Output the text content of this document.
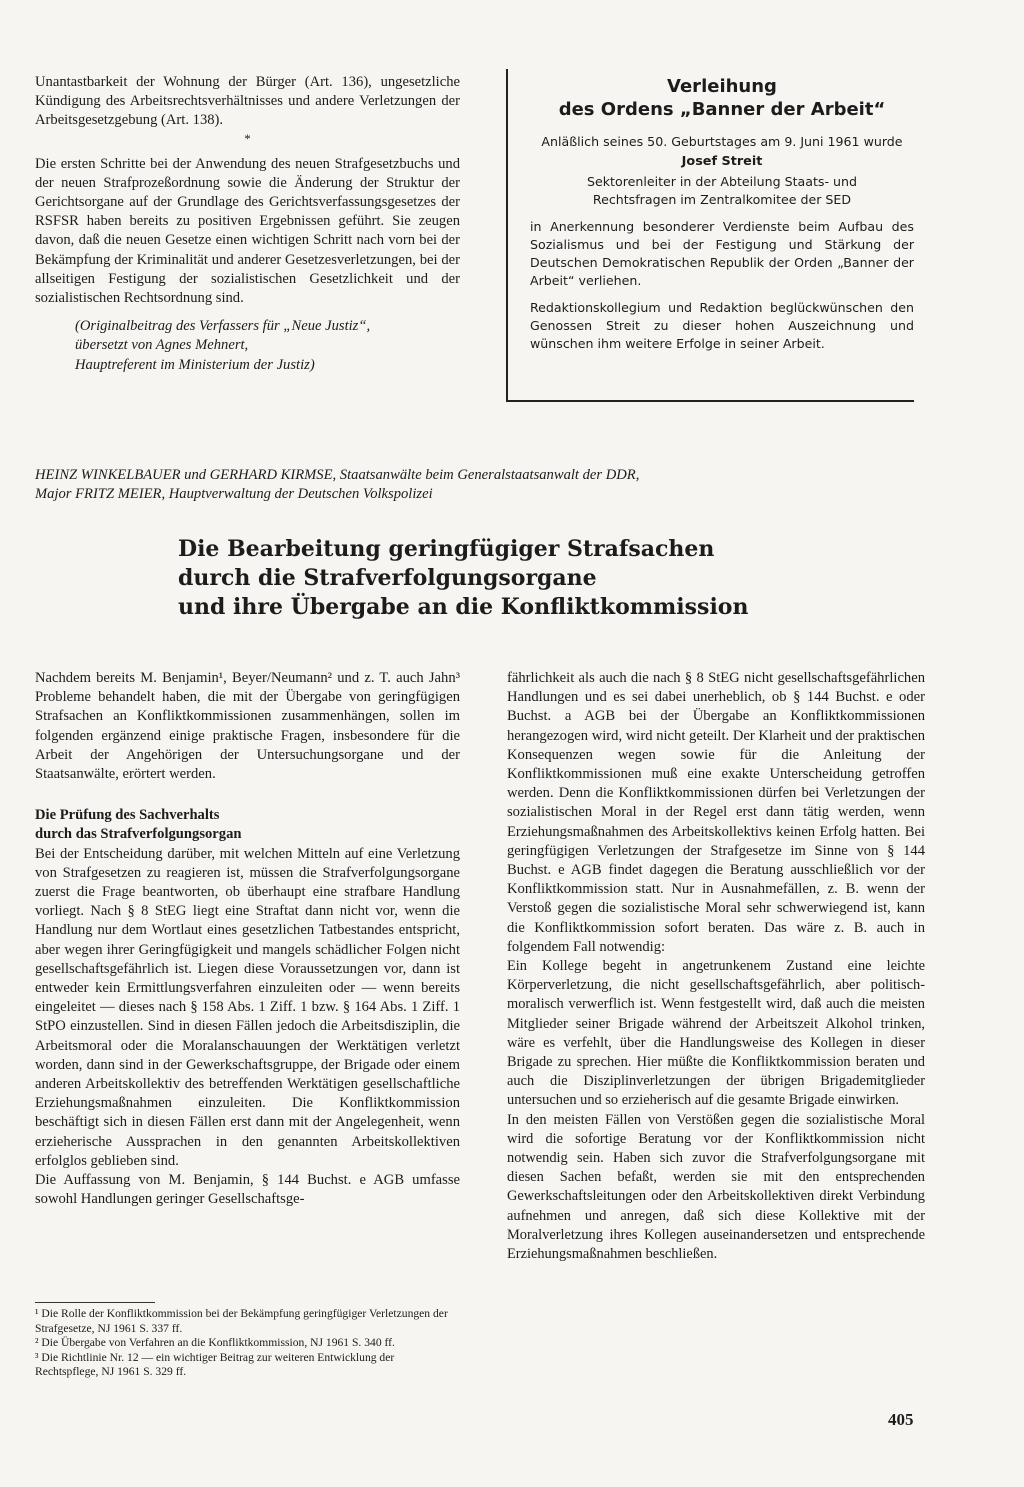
Unantastbarkeit der Wohnung der Bürger (Art. 136), ungesetzliche Kündigung des Arbeitsrechtsverhältnisses und andere Verletzungen der Arbeitsgesetzgebung (Art. 138).

*

Die ersten Schritte bei der Anwendung des neuen Strafgesetzbuchs und der neuen Strafprozeßordnung sowie die Änderung der Struktur der Gerichtsorgane auf der Grundlage des Gerichtsverfassungsgesetzes der RSFSR haben bereits zu positiven Ergebnissen geführt. Sie zeugen davon, daß die neuen Gesetze einen wichtigen Schritt nach vorn bei der Bekämpfung der Kriminalität und anderer Gesetzesverletzungen, bei der allseitigen Festigung der sozialistischen Gesetzlichkeit und der sozialistischen Rechtsordnung sind.

(Originalbeitrag des Verfassers für „Neue Justiz“,
übersetzt von Agnes Mehnert,
Hauptreferent im Ministerium der Justiz)
Verleihung
des Ordens „Banner der Arbeit“
Anläßlich seines 50. Geburtstages am 9. Juni 1961 wurde
Josef Streit
Sektorenleiter in der Abteilung Staats- und
Rechtsfragen im Zentralkomitee der SED
in Anerkennung besonderer Verdienste beim Aufbau des Sozialismus und bei der Festigung und Stärkung der Deutschen Demokratischen Republik der Orden „Banner der Arbeit“ verliehen.
Redaktionskollegium und Redaktion beglückwünschen den Genossen Streit zu dieser hohen Auszeichnung und wünschen ihm weitere Erfolge in seiner Arbeit.
HEINZ WINKELBAUER und GERHARD KIRMSE, Staatsanwälte beim Generalstaatsanwalt der DDR,
Major FRITZ MEIER, Hauptverwaltung der Deutschen Volkspolizei
Die Bearbeitung geringfügiger Strafsachen
durch die Strafverfolgungsorgane
und ihre Übergabe an die Konfliktkommission

Nachdem bereits M. Benjamin¹, Beyer/Neumann² und z. T. auch Jahn³ Probleme behandelt haben, die mit der Übergabe von geringfügigen Strafsachen an Konfliktkommissionen zusammenhängen, sollen im folgenden ergänzend einige praktische Fragen, insbesondere für die Arbeit der Angehörigen der Untersuchungsorgane und der Staatsanwälte, erörtert werden.

Die Prüfung des Sachverhalts
durch das Strafverfolgungsorgan

Bei der Entscheidung darüber, mit welchen Mitteln auf eine Verletzung von Strafgesetzen zu reagieren ist, müssen die Strafverfolgungsorgane zuerst die Frage beantworten, ob überhaupt eine strafbare Handlung vorliegt. Nach § 8 StEG liegt eine Straftat dann nicht vor, wenn die Handlung nur dem Wortlaut eines gesetzlichen Tatbestandes entspricht, aber wegen ihrer Geringfügigkeit und mangels schädlicher Folgen nicht gesellschaftsgefährlich ist. Liegen diese Voraussetzungen vor, dann ist entweder kein Ermittlungsverfahren einzuleiten oder — wenn bereits eingeleitet — dieses nach § 158 Abs. 1 Ziff. 1 bzw. § 164 Abs. 1 Ziff. 1 StPO einzustellen. Sind in diesen Fällen jedoch die Arbeitsdisziplin, die Arbeitsmoral oder die Moralanschauungen der Werktätigen verletzt worden, dann sind in der Gewerkschaftsgruppe, der Brigade oder einem anderen Arbeitskollektiv des betreffenden Werktätigen gesellschaftliche Erziehungsmaßnahmen einzuleiten. Die Konfliktkommission beschäftigt sich in diesen Fällen erst dann mit der Angelegenheit, wenn erzieherische Aussprachen in den genannten Arbeitskollektiven erfolglos geblieben sind.

Die Auffassung von M. Benjamin, § 144 Buchst. e AGB umfasse sowohl Handlungen geringer Gesellschaftsge-

¹ Die Rolle der Konfliktkommission bei der Bekämpfung geringfügiger Verletzungen der Strafgesetze, NJ 1961 S. 337 ff.
² Die Übergabe von Verfahren an die Konfliktkommission, NJ 1961 S. 340 ff.
³ Die Richtlinie Nr. 12 — ein wichtiger Beitrag zur weiteren Entwicklung der Rechtspflege, NJ 1961 S. 329 ff.

fährlichkeit als auch die nach § 8 StEG nicht gesellschaftsgefährlichen Handlungen und es sei dabei unerheblich, ob § 144 Buchst. e oder Buchst. a AGB bei der Übergabe an Konfliktkommissionen herangezogen wird, wird nicht geteilt. Der Klarheit und der praktischen Konsequenzen wegen sowie für die Anleitung der Konfliktkommissionen muß eine exakte Unterscheidung getroffen werden. Denn die Konfliktkommissionen dürfen bei Verletzungen der sozialistischen Moral in der Regel erst dann tätig werden, wenn Erziehungsmaßnahmen des Arbeitskollektivs keinen Erfolg hatten. Bei geringfügigen Verletzungen der Strafgesetze im Sinne von § 144 Buchst. e AGB findet dagegen die Beratung ausschließlich vor der Konfliktkommission statt. Nur in Ausnahmefällen, z. B. wenn der Verstoß gegen die sozialistische Moral sehr schwerwiegend ist, kann die Konfliktkommission sofort beraten. Das wäre z. B. auch in folgendem Fall notwendig:

Ein Kollege begeht in angetrunkenem Zustand eine leichte Körperverletzung, die nicht gesellschaftsgefährlich, aber politisch-moralisch verwerflich ist. Wenn festgestellt wird, daß auch die meisten Mitglieder seiner Brigade während der Arbeitszeit Alkohol trinken, wäre es verfehlt, über die Handlungsweise des Kollegen in dieser Brigade zu sprechen. Hier müßte die Konfliktkommission beraten und auch die Disziplinverletzungen der übrigen Brigademitglieder untersuchen und so erzieherisch auf die gesamte Brigade einwirken.

In den meisten Fällen von Verstößen gegen die sozialistische Moral wird die sofortige Beratung vor der Konfliktkommission nicht notwendig sein. Haben sich zuvor die Strafverfolgungsorgane mit diesen Sachen befaßt, werden sie mit den entsprechenden Gewerkschaftsleitungen oder den Arbeitskollektiven direkt Verbindung aufnehmen und anregen, daß sich diese Kollektive mit der Moralverletzung ihres Kollegen auseinandersetzen und entsprechende Erziehungsmaßnahmen beschließen.

405
